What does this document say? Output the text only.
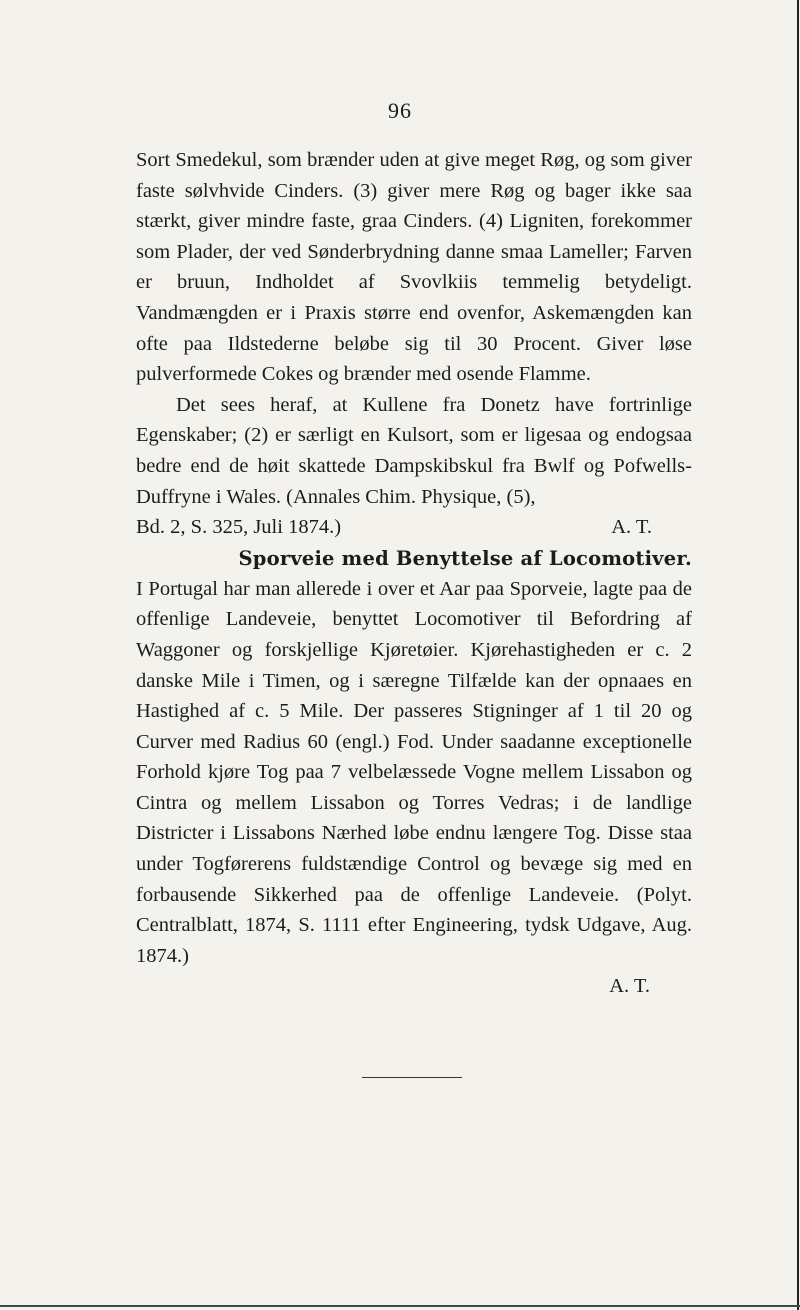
96

Sort Smedekul, som brænder uden at give meget Røg, og som giver faste sølvhvide Cinders. (3) giver mere Røg og bager ikke saa stærkt, giver mindre faste, graa Cinders. (4) Ligniten, forekommer som Plader, der ved Sønderbrydning danne smaa Lameller; Farven er bruun, Indholdet af Svovlkiis temmelig betydeligt. Vandmængden er i Praxis større end ovenfor, Askemængden kan ofte paa Ildstederne beløbe sig til 30 Procent. Giver løse pulverformede Cokes og brænder med osende Flamme.

Det sees heraf, at Kullene fra Donetz have fortrinlige Egenskaber; (2) er særligt en Kulsort, som er ligesaa og endogsaa bedre end de høit skattede Dampskibskul fra Bwlf og Pofwells-Duffryne i Wales. (Annales Chim. Physique, (5),

Bd. 2, S. 325, Juli 1874.)	A. T.
Sporveie med Benyttelse af Locomotiver.

I Portugal har man allerede i over et Aar paa Sporveie, lagte paa de offenlige Landeveie, benyttet Locomotiver til Befordring af Waggoner og forskjellige Kjøretøier. Kjørehastigheden er c. 2 danske Mile i Timen, og i særegne Tilfælde kan der opnaaes en Hastighed af c. 5 Mile. Der passeres Stigninger af 1 til 20 og Curver med Radius 60 (engl.) Fod. Under saadanne exceptionelle Forhold kjøre Tog paa 7 velbelæssede Vogne mellem Lissabon og Cintra og mellem Lissabon og Torres Vedras; i de landlige Districter i Lissabons Nærhed løbe endnu længere Tog. Disse staa under Togførerens fuldstændige Control og bevæge sig med en forbausende Sikkerhed paa de offenlige Landeveie. (Polyt. Centralblatt, 1874, S. 1111 efter Engineering, tydsk Udgave, Aug. 1874.)

A. T.
